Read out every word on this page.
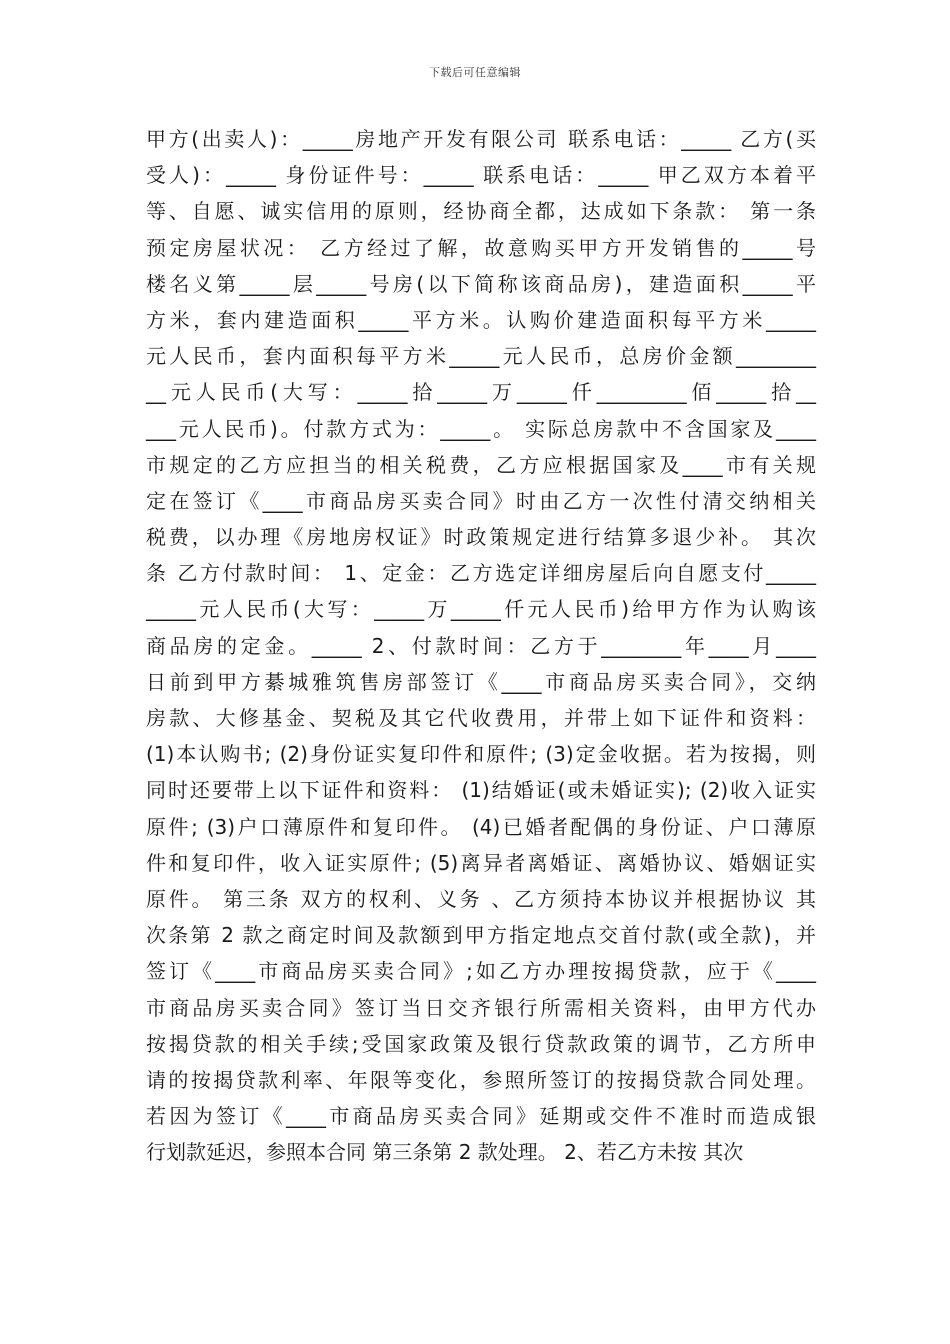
下载后可任意编辑
甲方(出卖人)：_____房地产开发有限公司 联系电话：_____ 乙方(买
受人)：_____ 身份证件号：_____ 联系电话：_____ 甲乙双方本着平
等、自愿、诚实信用的原则，经协商全都，达成如下条款： 第一条
预定房屋状况： 乙方经过了解，故意购买甲方开发销售的_____号
楼名义第_____层_____号房(以下简称该商品房)，建造面积_____平
方米，套内建造面积_____平方米。认购价建造面积每平方米_____
元人民币，套内面积每平方米_____元人民币，总房价金额________
__元人民币(大写：_____拾_____万_____仟_________佰_____拾__
___元人民币)。付款方式为：_____。 实际总房款中不含国家及____
市规定的乙方应担当的相关税费，乙方应根据国家及____市有关规
定在签订《____市商品房买卖合同》时由乙方一次性付清交纳相关
税费，以办理《房地房权证》时政策规定进行结算多退少补。 其次
条 乙方付款时间： 1、定金：乙方选定详细房屋后向自愿支付_____
_____元人民币(大写：_____万_____仟元人民币)给甲方作为认购该
商品房的定金。_____ 2、付款时间：乙方于________年____月____
日前到甲方綦城雅筑售房部签订《____市商品房买卖合同》，交纳
房款、大修基金、契税及其它代收费用，并带上如下证件和资料：
(1)本认购书; (2)身份证实复印件和原件; (3)定金收据。若为按揭，则
同时还要带上以下证件和资料： (1)结婚证(或未婚证实); (2)收入证实
原件; (3)户口薄原件和复印件。 (4)已婚者配偶的身份证、户口薄原
件和复印件，收入证实原件; (5)离异者离婚证、离婚协议、婚姻证实
原件。 第三条 双方的权利、义务 、乙方须持本协议并根据协议 其
次条第 2 款之商定时间及款额到甲方指定地点交首付款(或全款)，并
签订《____市商品房买卖合同》;如乙方办理按揭贷款，应于《____
市商品房买卖合同》签订当日交齐银行所需相关资料，由甲方代办
按揭贷款的相关手续;受国家政策及银行贷款政策的调节，乙方所申
请的按揭贷款利率、年限等变化，参照所签订的按揭贷款合同处理。
若因为签订《____市商品房买卖合同》延期或交件不准时而造成银
行划款延迟，参照本合同 第三条第 2 款处理。 2、若乙方未按 其次
